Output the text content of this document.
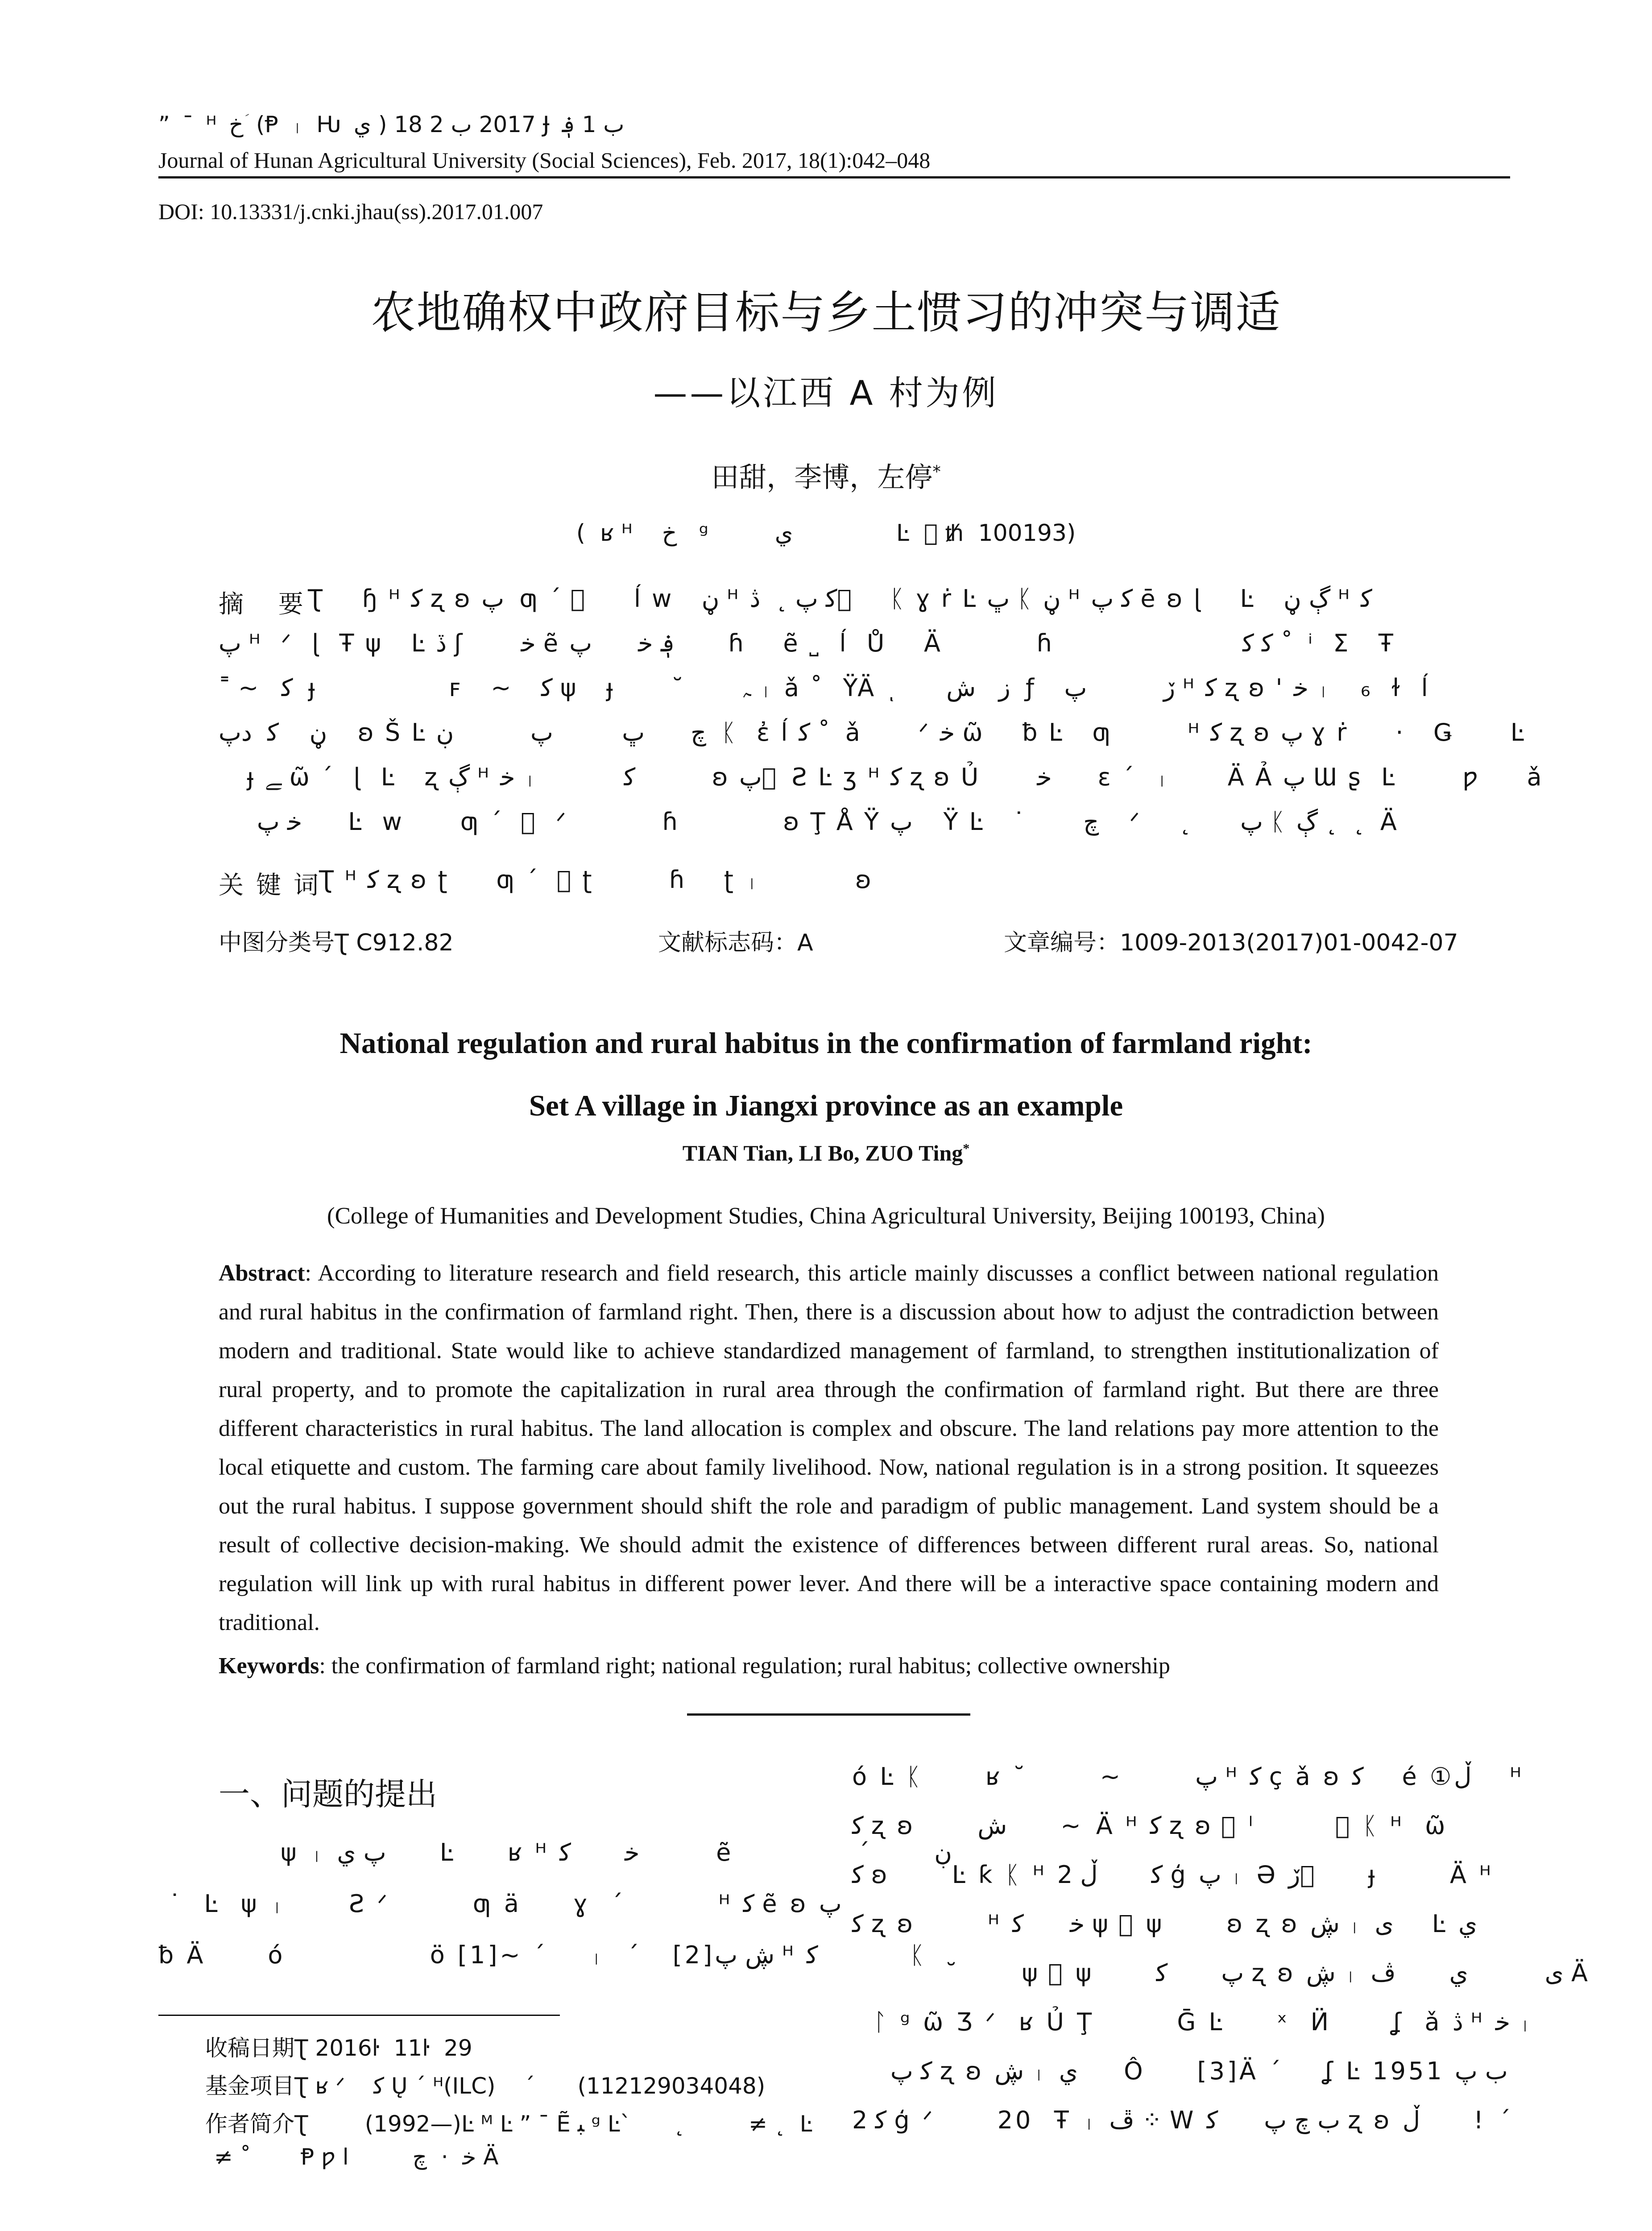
” ¯ ᴴ خ ؘ (Ᵽ ᛧ Ƕ ي ) 2017 ب 2 18 Ɉ ب 1 ؋
Journal of Hunan Agricultural University (Social Sciences), Feb. 2017, 18(1):042–048
DOI: 10.13331/j.cnki.jhau(ss).2017.01.007
农地确权中政府目标与乡土惯习的冲突与调适
——以江西 A 村为例
田甜，李博，左停*
(  ʁ ᴴ    خ   ᵍ         ي              Ŀ  ⃞ ᵺ  100193)
摘 要
Ʈ    ɧ ᴴ ﻛ ʐ ʚ پ  ƣ ˊ ⃞     ĺ w   ڼ ᴴ ﻛ پ ˛  ڎ ⃞    ᛕ ɣ ṙ Ŀ ڀ ᛕ ڼ ᴴ ﻛ پ ē ʚ ɭ    Ŀ   ڳ ڼ ᴴ ﻛ
پ ᴴ  ᐟ  ɭ  Ŧ ψ   Ŀ ڏ ʃ      ﺧ ẽ ؋ ﺧ      پ       ɦ    ẽ ˽  ĺ  Ů    Ä          ɦ                    ﻛ ﮐ ˚  ⁱ  Σ   Ŧ
˭ ~   ﻛ  ɟ              ꜰ   ~   ﻛ ψ   ɟ      ˘      ﮧ ᛧ ǎ ˚  ŸÄ ͺ     ز   ش  ƒ   ڒ          پ ᴴ ﻛ ʐ ʚ ' ﺧ ᛧ   ₆  ɫ  ĺ
ڼ    ﻛ  ﺩپ    ʚ Š Ŀ ﭺ      ڀ         پ          ڹ  ᛕ  ἐ ĺ ﻛ ˚  ǎ      ᐟ ﺧ ῶ    ƀ Ŀ   ƣ        ᴴ ﻛ ʐ ʚ پ ɣ ṙ     ·   Ǥ      Ŀ
ɟ ﮯ ῶ ˊ  ɭ  Ŀ   ʐ ڳ ᴴ ﺧ ᛧ         ﻛ          ʚ پ ⃞ Ƨ Ŀ ʒ ᴴ ﻛ ʐ ʚ Ủ      ﺧ      ɛ ˊ  ᛧ      Ä Ả پ Ɯ ʂ  Ŀ       ƿ     ǎ
ﺧ پ      Ŀ  w      ƣ ˊ  ⃞  ᐟ          ɦ           ʚ Ţ Å Ÿ پ    Ÿ Ŀ   ˙      ﭺ    ᐟ    ˛     پ ᛕ ڳ ˛  ˛  Ä
关键词
Ʈ ᴴ ﻛ ʐ ʚ ʈ     ƣ ˊ  ⃞ ʈ        ɦ    ʈ ᛧ          ʚ
中图分类号Ʈ C912.82	文献标志码：A	文章编号：1009-2013(2017)01-0042-07
National regulation and rural habitus in the confirmation of farmland right:
Set A village in Jiangxi province as an example
TIAN Tian, LI Bo, ZUO Ting*
(College of Humanities and Development Studies, China Agricultural University, Beijing 100193, China)
Abstract: According to literature research and field research, this article mainly discusses a conflict between national regulation and rural habitus in the confirmation of farmland right. Then, there is a discussion about how to adjust the contradiction between modern and traditional. State would like to achieve standardized management of farmland, to strengthen institutionalization of rural property, and to promote the capitalization in rural area through the confirmation of farmland right. But there are three different characteristics in rural habitus. The land allocation is complex and obscure. The land relations pay more attention to the local etiquette and custom. The farming care about family livelihood. Now, national regulation is in a strong position. It squeezes out the rural habitus. I suppose government should shift the role and paradigm of public management. Land system should be a result of collective decision-making. We should admit the existence of differences between different rural areas. So, national regulation will link up with rural habitus in different power lever. And there will be a interactive space containing modern and traditional.
Keywords: the confirmation of farmland right; national regulation; rural habitus; collective ownership
一、问题的提出
ψ ᛧ پ ي       Ŀ     ʁ ᴴ ﺧ       ﻛ          ẽ            ˊ      ڹ
˙  Ŀ  ψ ᛧ      Ƨ ᐟ        ƣ ä     ɣ  ˊ         ᴴ ﻛ ẽ ʚ پ
ƀ Ä      ó              ö [1]~ ˊ    ᛧ  ˊ   [2]ڜ پ ᴴ ﻛ            ᛕ
ó Ŀ ᛕ      ʁ ˘       ~       پ ᴴ ﻛ ç ǎ ʚ ﮐ     é ①ڵ     ᴴ
ﻛ ʐ ʚ      ش       ~  Ä ᴴ ﻛ ʐ ʚ ⃞ ˡ        ⃞ ᛕ ᴴ  ῶ
ﻛ ʚ      Ŀ ƙ ᛕ ᴴ ﻛ       ڵ 2 ģ پ ᛧ Ә ڒ ⃞      ɟ       Ä ᴴ
ﻛ ʐ ʚ       ᴴ ﺧ      ﻛ ψ ⃞ ψ      ʚ ʐ ʚ ڜ ᛧ ى     Ŀ ي
˘      ψ ⃞ ψ      پ       ﻛ ʐ ʚ ڜ ᛧ ى          ي       ڤ Ä
ᛚ ᵍ ῶ Ʒ ᐟ  ʁ Ủ Ţ        Ḡ Ŀ     ˣ  Ӥ      ʆ  ǎ ڎ ᴴ ﺧ ᛧ
ﻛ پ ʐ ʚ ڜ ᛧ ي      Ô     [3]Ä ˊ    ʆ Ŀ 1951 ب پ
ﻛ 2 ģ ᐟ      20  Ŧ ᛧ ڦ ⁘ W ب ﭺ پ      ﻛ ʐ ʚ ڵ       !  ˊ
收稿日期Ʈ 2016ŀ  11ŀ  29
基金项目Ʈ ʁ ᐟ    ﻛ Ų ˊ ᴴ(ILC)    ˊ      (112129034048)
作者简介Ʈ        (1992—)Ŀ ᴹ Ŀ ” ¯ Ẽ ﺒ ᵍ Ŀ`      ˛         ≠ ˛  Ŀ
≠ ˚       Ᵽ ƿ l         ﺧ  ·  ﭺ Ä
